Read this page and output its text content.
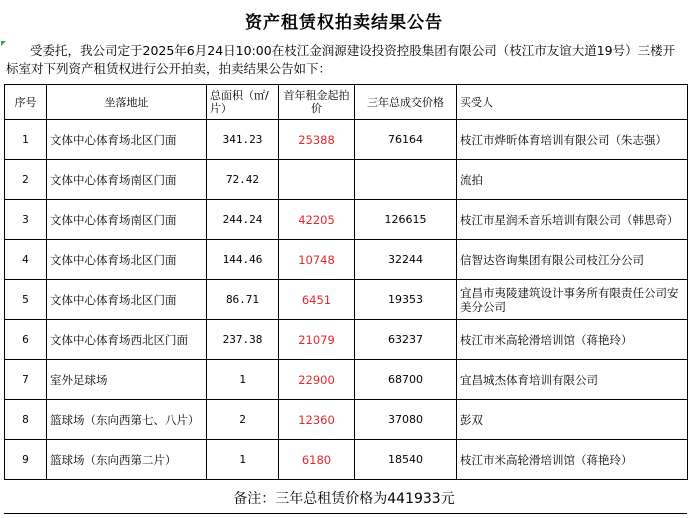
资产租赁权拍卖结果公告
受委托，我公司定于2025年6月24日10:00在枝江金润源建设投资控股集团有限公司（枝江市友谊大道19号）三楼开标室对下列资产租赁权进行公开拍卖，拍卖结果公告如下：
序号	坐落地址	总面积（㎡/片）	首年租金起拍价	三年总成交价格	买受人
1	文体中心体育场北区门面	341.23	25388	76164	枝江市烨昕体育培训有限公司（朱志强）
2	文体中心体育场南区门面	72.42			流拍
3	文体中心体育场南区门面	244.24	42205	126615	枝江市星润禾音乐培训有限公司（韩思奇）
4	文体中心体育场北区门面	144.46	10748	32244	信智达咨询集团有限公司枝江分公司
5	文体中心体育场北区门面	86.71	6451	19353	宜昌市夷陵建筑设计事务所有限责任公司安美分公司
6	文体中心体育场西北区门面	237.38	21079	63237	枝江市米高轮滑培训馆（蒋艳玲）
7	室外足球场	1	22900	68700	宜昌城杰体育培训有限公司
8	篮球场（东向西第七、八片）	2	12360	37080	彭双
9	篮球场（东向西第二片）	1	6180	18540	枝江市米高轮滑培训馆（蒋艳玲）
备注：三年总租赁价格为441933元
